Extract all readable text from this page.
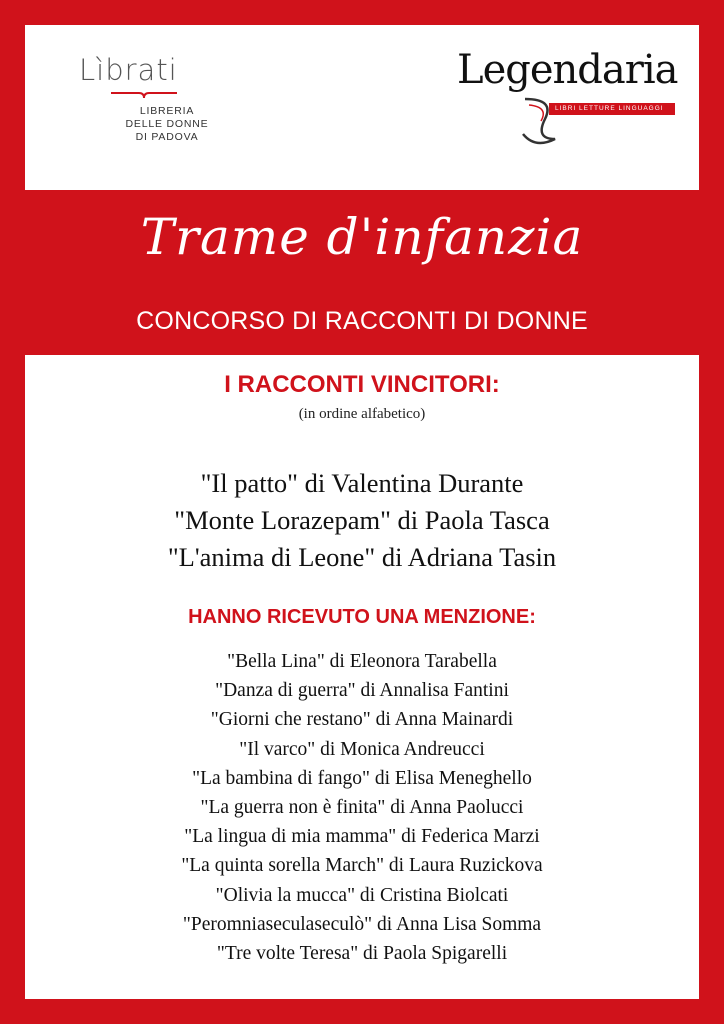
Lìbrati
LIBRERIA
DELLE DONNE
DI PADOVA
Legendaria
LIBRI LETTURE LINGUAGGI
Trame d'infanzia
CONCORSO DI RACCONTI DI DONNE
I RACCONTI VINCITORI:
(in ordine alfabetico)
"Il patto" di Valentina Durante
"Monte Lorazepam" di Paola Tasca
"L'anima di Leone" di Adriana Tasin
HANNO RICEVUTO UNA MENZIONE:
"Bella Lina" di Eleonora Tarabella
"Danza di guerra" di Annalisa Fantini
"Giorni che restano" di Anna Mainardi
"Il varco" di Monica Andreucci
"La bambina di fango" di Elisa Meneghello
"La guerra non è finita" di Anna Paolucci
"La lingua di mia mamma" di Federica Marzi
"La quinta sorella March" di Laura Ruzickova
"Olivia la mucca" di Cristina Biolcati
"Peromniaseculaseculò" di Anna Lisa Somma
"Tre volte Teresa" di Paola Spigarelli
